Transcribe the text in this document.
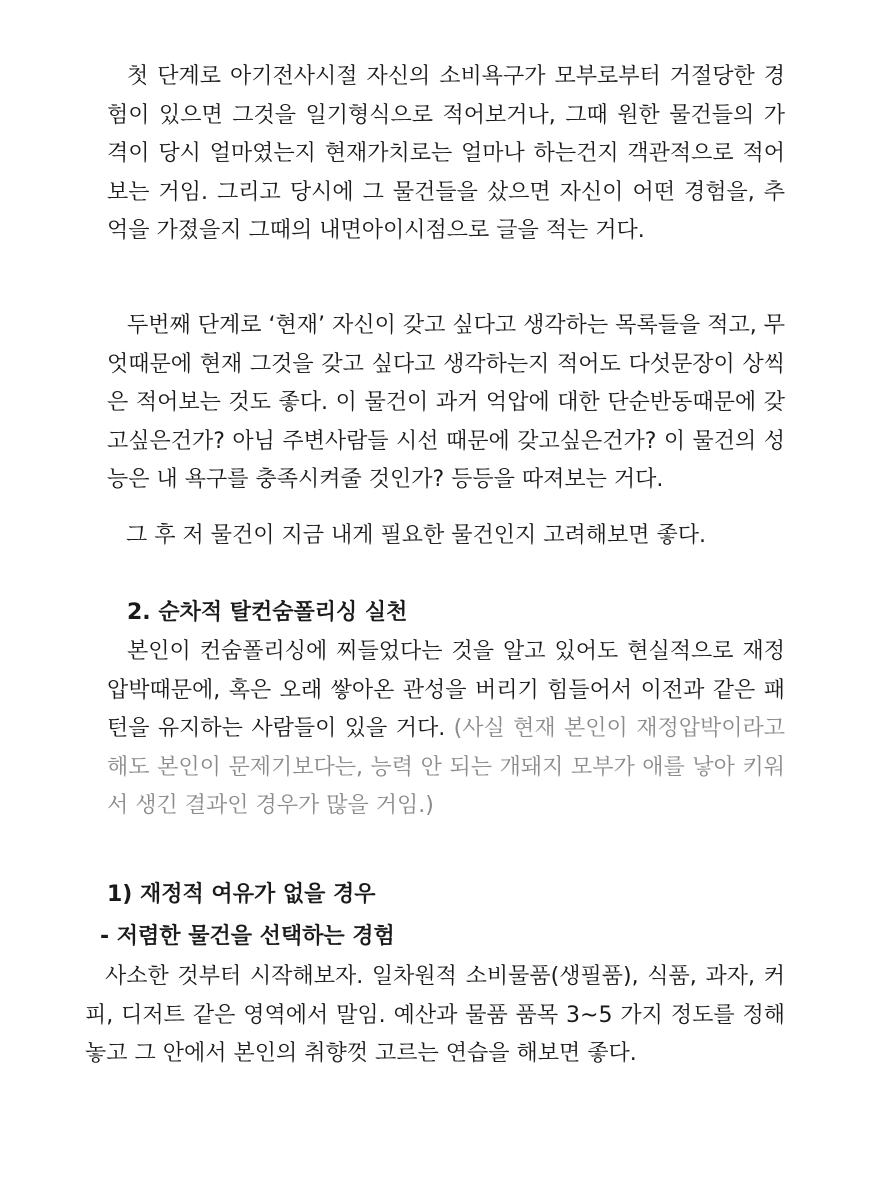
첫 단계로 아기전사시절 자신의 소비욕구가 모부로부터 거절당한 경험이 있으면 그것을 일기형식으로 적어보거나, 그때 원한 물건들의 가격이 당시 얼마였는지 현재가치로는 얼마나 하는건지 객관적으로 적어보는 거임. 그리고 당시에 그 물건들을 샀으면 자신이 어떤 경험을, 추억을 가졌을지 그때의 내면아이시점으로 글을 적는 거다.

두번째 단계로 ‘현재’ 자신이 갖고 싶다고 생각하는 목록들을 적고, 무엇때문에 현재 그것을 갖고 싶다고 생각하는지 적어도 다섯문장이 상씩은 적어보는 것도 좋다. 이 물건이 과거 억압에 대한 단순반동때문에 갖고싶은건가? 아님 주변사람들 시선 때문에 갖고싶은건가? 이 물건의 성능은 내 욕구를 충족시켜줄 것인가? 등등을 따져보는 거다.

그 후 저 물건이 지금 내게 필요한 물건인지 고려해보면 좋다.

2. 순차적 탈컨숨폴리싱 실천

본인이 컨숨폴리싱에 찌들었다는 것을 알고 있어도 현실적으로 재정압박때문에, 혹은 오래 쌓아온 관성을 버리기 힘들어서 이전과 같은 패턴을 유지하는 사람들이 있을 거다. (사실 현재 본인이 재정압박이라고 해도 본인이 문제기보다는, 능력 안 되는 개돼지 모부가 애를 낳아 키워서 생긴 결과인 경우가 많을 거임.)

1) 재정적 여유가 없을 경우
- 저렴한 물건을 선택하는 경험

사소한 것부터 시작해보자. 일차원적 소비물품(생필품), 식품, 과자, 커피, 디저트 같은 영역에서 말임. 예산과 물품 품목 3~5 가지 정도를 정해놓고 그 안에서 본인의 취향껏 고르는 연습을 해보면 좋다.
